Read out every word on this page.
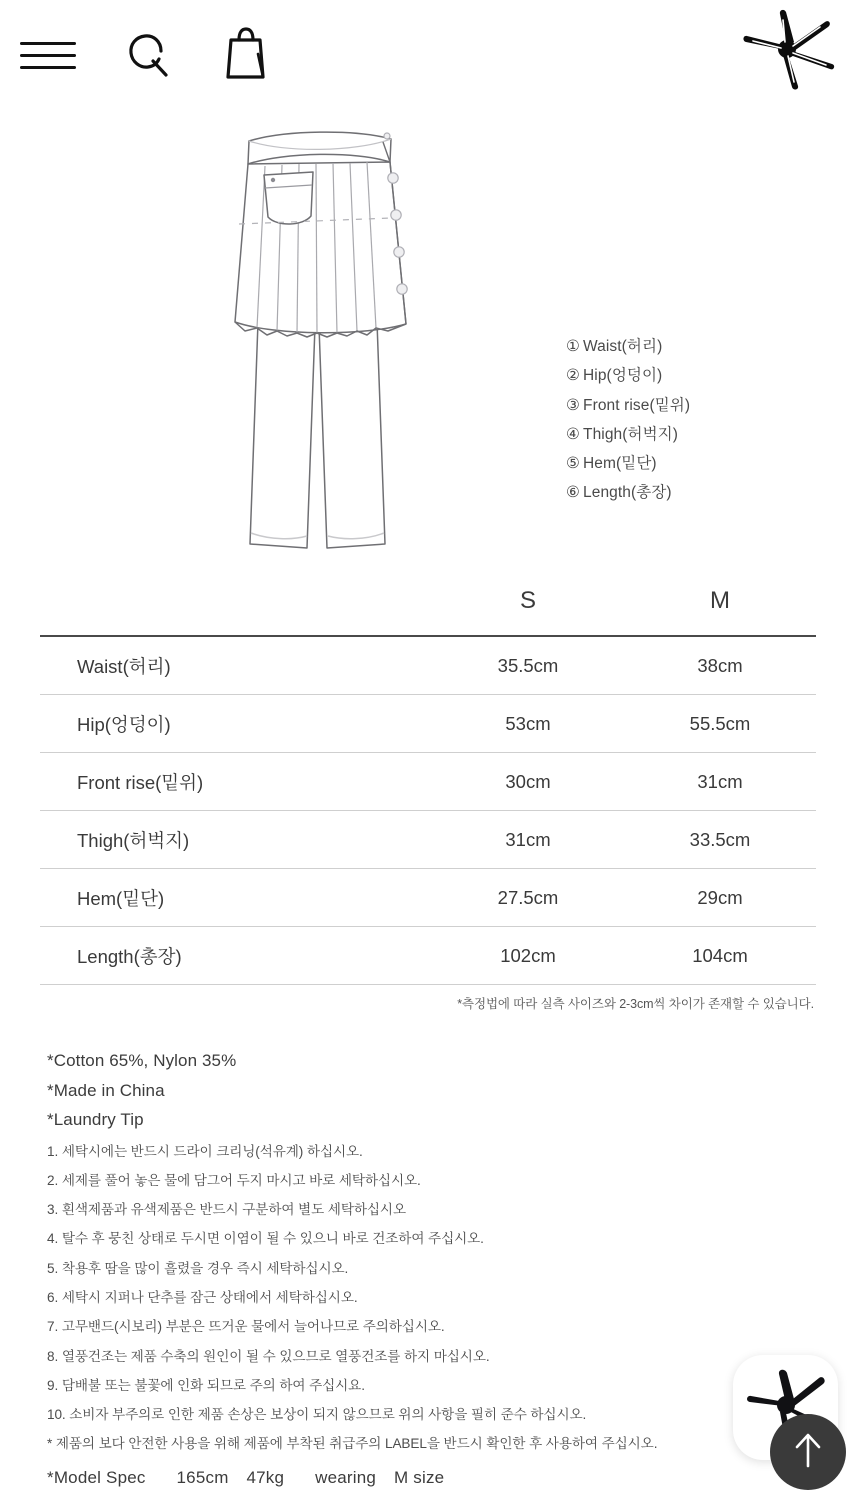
① Waist(허리)
② Hip(엉덩이)
③ Front rise(밑위)
④ Thigh(허벅지)
⑤ Hem(밑단)
⑥ Length(총장)
S	M
Waist(허리)	35.5cm	38cm
Hip(엉덩이)	53cm	55.5cm
Front rise(밑위)	30cm	31cm
Thigh(허벅지)	31cm	33.5cm
Hem(밑단)	27.5cm	29cm
Length(총장)	102cm	104cm
*측정법에 따라 실측 사이즈와 2-3cm씩 차이가 존재할 수 있습니다.
*Cotton 65%, Nylon 35%
*Made in China
*Laundry Tip
1. 세탁시에는 반드시 드라이 크리닝(석유계) 하십시오.
2. 세제를 풀어 놓은 물에 담그어 두지 마시고 바로 세탁하십시오.
3. 흰색제품과 유색제품은 반드시 구분하여 별도 세탁하십시오
4. 탈수 후 뭉친 상태로 두시면 이염이 될 수 있으니 바로 건조하여 주십시오.
5. 착용후 땀을 많이 흘렸을 경우 즉시 세탁하십시오.
6. 세탁시 지퍼나 단추를 잠근 상태에서 세탁하십시오.
7. 고무밴드(시보리) 부분은 뜨거운 물에서 늘어나므로 주의하십시오.
8. 열풍건조는 제품 수축의 원인이 될 수 있으므로 열풍건조를 하지 마십시오.
9. 담배불 또는 불꽃에 인화 되므로 주의 하여 주십시요.
10. 소비자 부주의로 인한 제품 손상은 보상이 되지 않으므로 위의 사항을 필히 준수 하십시오.
* 제품의 보다 안전한 사용을 위해 제품에 부착된 취급주의 LABEL을 반드시 확인한 후 사용하여 주십시오.
*Model Spec 165cm 47kg wearing M size
